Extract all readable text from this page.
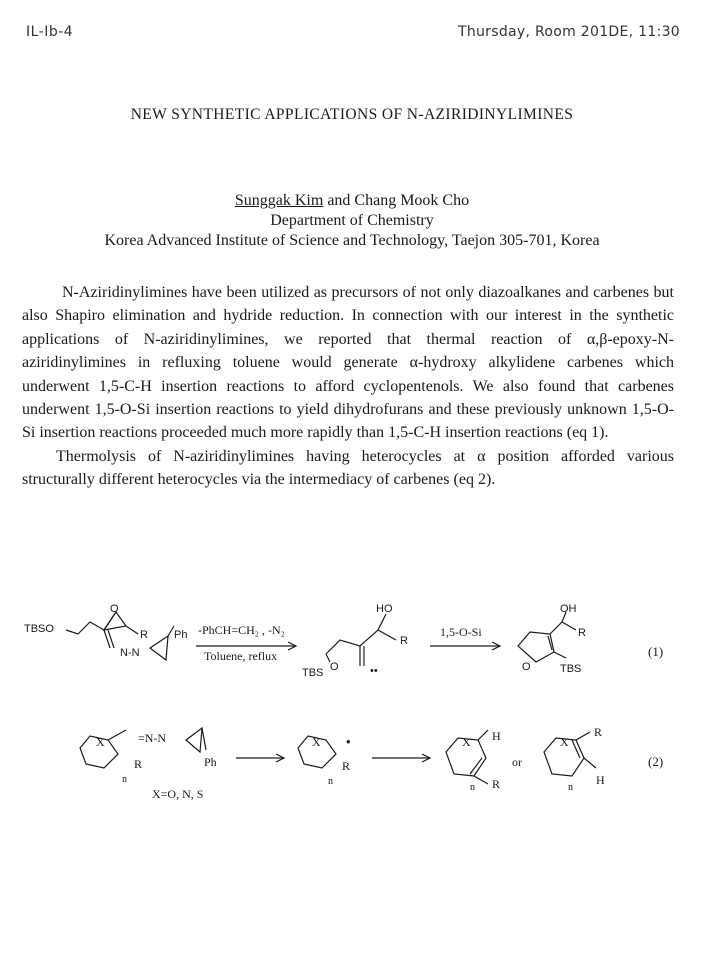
IL-Ib-4	Thursday, Room 201DE, 11:30
NEW SYNTHETIC APPLICATIONS OF N-AZIRIDINYLIMINES
Sunggak Kim and Chang Mook Cho
Department of Chemistry
Korea Advanced Institute of Science and Technology, Taejon 305-701, Korea

N-Aziridinylimines have been utilized as precursors of not only diazoalkanes and carbenes but also Shapiro elimination and hydride reduction. In connection with our interest in the synthetic applications of N-aziridinylimines, we reported that thermal reaction of α,β-epoxy-N-aziridinylimines in refluxing toluene would generate α-hydroxy alkylidene carbenes which underwent 1,5-C-H insertion reactions to afford cyclopentenols. We also found that carbenes underwent 1,5-O-Si insertion reactions to yield dihydrofurans and these previously unknown 1,5-O-Si insertion reactions proceeded much more rapidly than 1,5-C-H insertion reactions (eq 1).

Thermolysis of N-aziridinylimines having heterocycles at α position afforded various structurally different heterocycles via the intermediacy of carbenes (eq 2).

TBSO
O
R Ph
N-N
-PhCH=CH₂ , -N₂
Toluene, reflux
HO
R
O
TBS	••
1,5-O-Si
OH
R
O	TBS
(1)
X
n
R
=N-N
Ph
X
n
R
•	X H
n R
or
X
R
n
H
(2)
X=O, N, S
